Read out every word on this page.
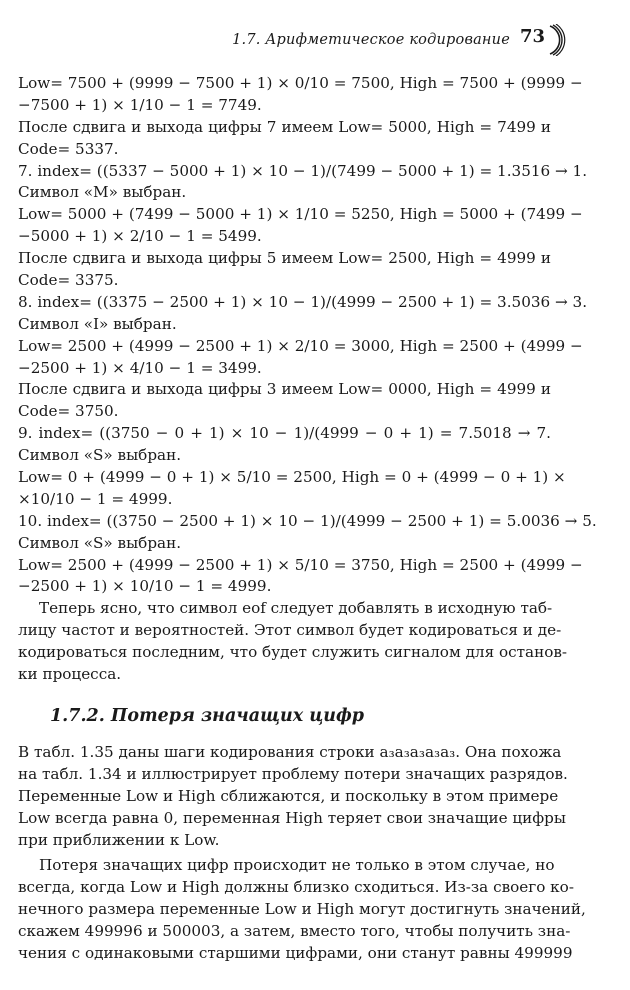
1.7. Арифметическое кодирование 73
Low= 7500 + (9999 − 7500 + 1) × 0/10 = 7500, High = 7500 + (9999 −
−7500 + 1) × 1/10 − 1 = 7749.
После сдвига и выхода цифры 7 имеем Low= 5000, High = 7499 и
Code= 5337.
7. index= ((5337 − 5000 + 1) × 10 − 1)/(7499 − 5000 + 1) = 1.3516 → 1.
Символ «M» выбран.
Low= 5000 + (7499 − 5000 + 1) × 1/10 = 5250, High = 5000 + (7499 −
−5000 + 1) × 2/10 − 1 = 5499.
После сдвига и выхода цифры 5 имеем Low= 2500, High = 4999 и
Code= 3375.
8. index= ((3375 − 2500 + 1) × 10 − 1)/(4999 − 2500 + 1) = 3.5036 → 3.
Символ «I» выбран.
Low= 2500 + (4999 − 2500 + 1) × 2/10 = 3000, High = 2500 + (4999 −
−2500 + 1) × 4/10 − 1 = 3499.
После сдвига и выхода цифры 3 имеем Low= 0000, High = 4999 и
Code= 3750.
9. index= ((3750 − 0 + 1) × 10 − 1)/(4999 − 0 + 1) = 7.5018 → 7.
Символ «S» выбран.
Low= 0 + (4999 − 0 + 1) × 5/10 = 2500, High = 0 + (4999 − 0 + 1) ×
×10/10 − 1 = 4999.
10. index= ((3750 − 2500 + 1) × 10 − 1)/(4999 − 2500 + 1) = 5.0036 → 5.
Символ «S» выбран.
Low= 2500 + (4999 − 2500 + 1) × 5/10 = 3750, High = 2500 + (4999 −
−2500 + 1) × 10/10 − 1 = 4999.
Теперь ясно, что символ eof следует добавлять в исходную таб-
лицу частот и вероятностей. Этот символ будет кодироваться и де-
кодироваться последним, что будет служить сигналом для останов-
ки процесса.
1.7.2. Потеря значащих цифр
В табл. 1.35 даны шаги кодирования строки a₃a₃a₃a₃a₃. Она похожа
на табл. 1.34 и иллюстрирует проблему потери значащих разрядов.
Переменные Low и High сближаются, и поскольку в этом примере
Low всегда равна 0, переменная High теряет свои значащие цифры
при приближении к Low.
Потеря значащих цифр происходит не только в этом случае, но
всегда, когда Low и High должны близко сходиться. Из-за своего ко-
нечного размера переменные Low и High могут достигнуть значений,
скажем 499996 и 500003, а затем, вместо того, чтобы получить зна-
чения с одинаковыми старшими цифрами, они станут равны 499999
